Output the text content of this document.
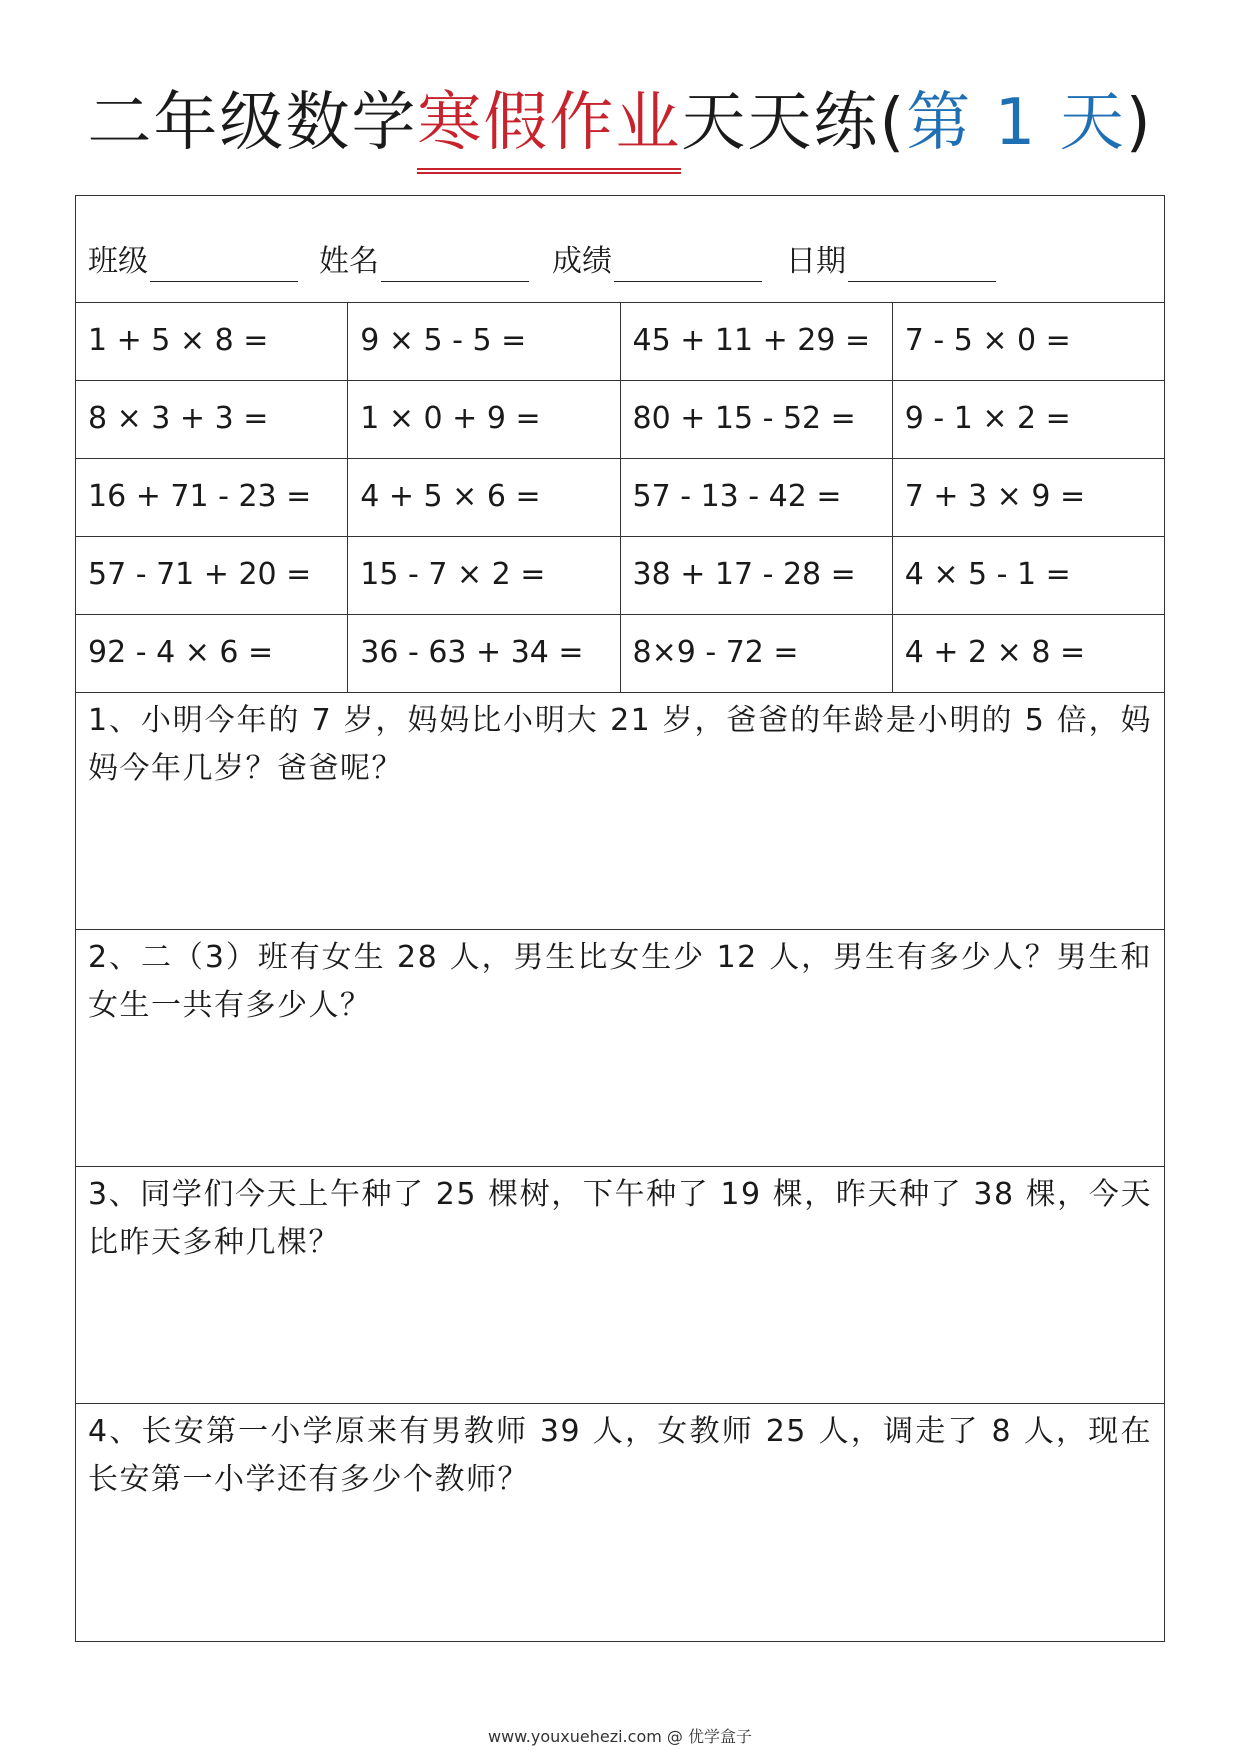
二年级数学寒假作业天天练(第 1 天)
班级	姓名	成绩	日期
1 + 5 × 8 =	9 × 5 - 5 =	45 + 11 + 29 =	7 - 5 × 0 =
8 × 3 + 3 =	1 × 0 + 9 =	80 + 15 - 52 =	9 - 1 × 2 =
16 + 71 - 23 =	4 + 5 × 6 =	57 - 13 - 42 =	7 + 3 × 9 =
57 - 71 + 20 =	15 - 7 × 2 =	38 + 17 - 28 =	4 × 5 - 1 =
92 - 4 × 6 =	36 - 63 + 34 =	8×9 - 72 =	4 + 2 × 8 =
1、小明今年的 7 岁，妈妈比小明大 21 岁，爸爸的年龄是小明的 5 倍，妈妈今年几岁？爸爸呢？
2、二（3）班有女生 28 人，男生比女生少 12 人，男生有多少人？男生和女生一共有多少人？
3、同学们今天上午种了 25 棵树，下午种了 19 棵，昨天种了 38 棵，今天比昨天多种几棵？
4、长安第一小学原来有男教师 39 人，女教师 25 人，调走了 8 人，现在长安第一小学还有多少个教师？
www.youxuehezi.com @ 优学盒子
